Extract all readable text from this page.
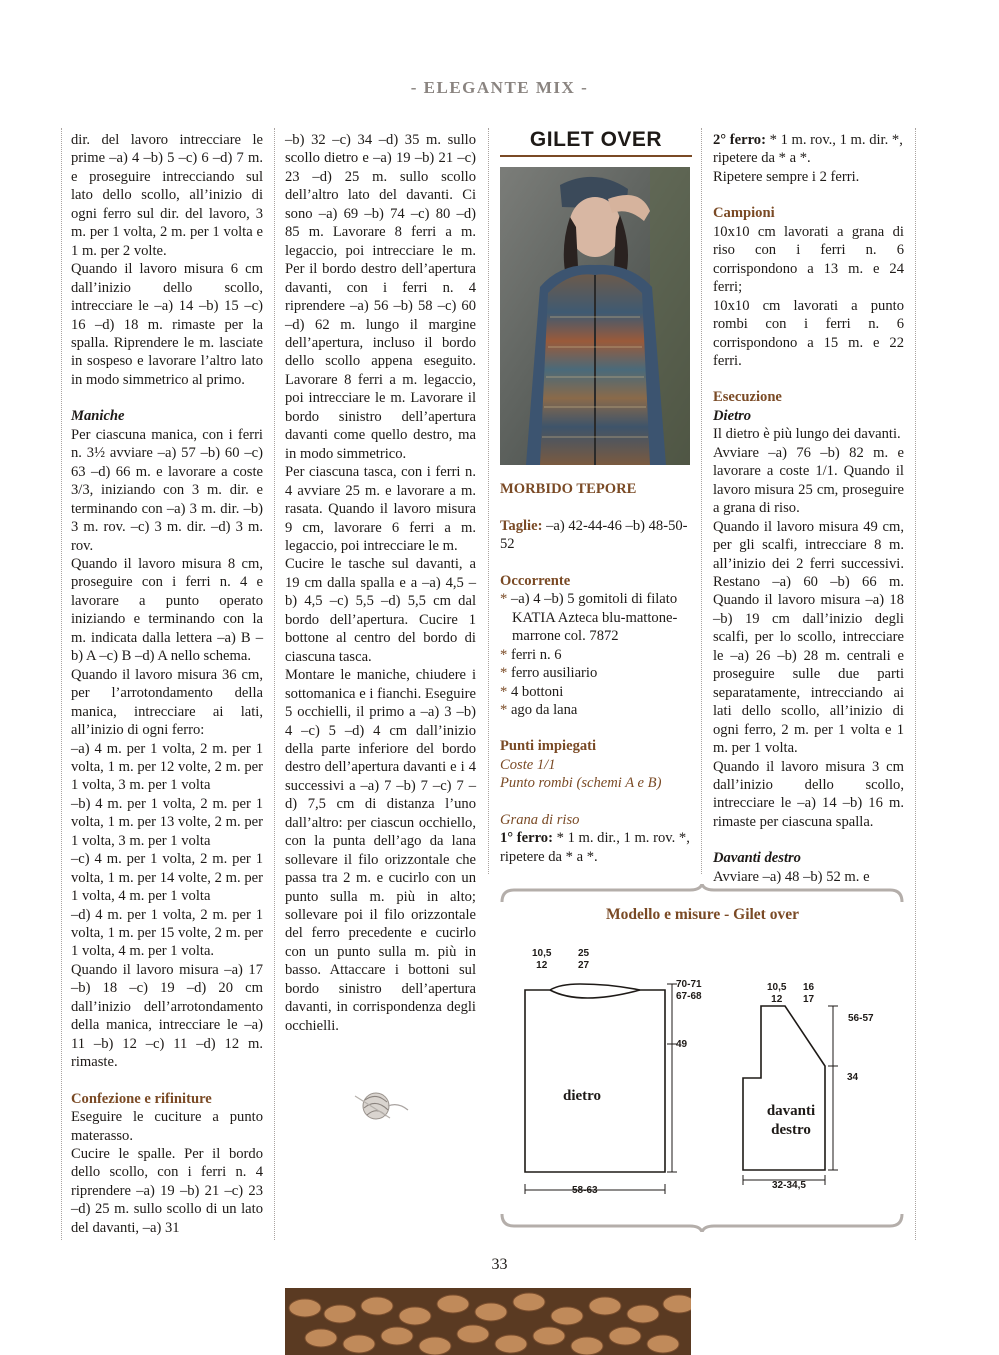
- ELEGANTE MIX -

dir. del lavoro intrecciare le prime –a) 4 –b) 5 –c) 6 –d) 7 m. e proseguire intrecciando sul lato dello scollo, all’inizio di ogni ferro sul dir. del lavoro, 3 m. per 1 volta, 2 m. per 1 volta e 1 m. per 2 volte.

Quando il lavoro misura 6 cm dall’inizio dello scollo, intrecciare le –a) 14 –b) 15 –c) 16 –d) 18 m. rimaste per la spalla. Riprendere le m. lasciate in sospeso e lavorare l’altro lato in modo simmetrico al primo.

Maniche

Per ciascuna manica, con i ferri n. 3½ avviare –a) 57 –b) 60 –c) 63 –d) 66 m. e lavorare a coste 3/3, iniziando con 3 m. dir. e terminando con –a) 3 m. dir. –b) 3 m. rov. –c) 3 m. dir. –d) 3 m. rov.

Quando il lavoro misura 8 cm, proseguire con i ferri n. 4 e lavorare a punto operato iniziando e terminando con la m. indicata dalla lettera –a) B –b) A –c) B –d) A nello schema.

Quando il lavoro misura 36 cm, per l’arrotondamento della manica, intrecciare ai lati, all’inizio di ogni ferro:

–a) 4 m. per 1 volta, 2 m. per 1 volta, 1 m. per 12 volte, 2 m. per 1 volta, 3 m. per 1 volta

–b) 4 m. per 1 volta, 2 m. per 1 volta, 1 m. per 13 volte, 2 m. per 1 volta, 3 m. per 1 volta

–c) 4 m. per 1 volta, 2 m. per 1 volta, 1 m. per 14 volte, 2 m. per 1 volta, 4 m. per 1 volta

–d) 4 m. per 1 volta, 2 m. per 1 volta, 1 m. per 15 volte, 2 m. per 1 volta, 4 m. per 1 volta.

Quando il lavoro misura –a) 17 –b) 18 –c) 19 –d) 20 cm dall’inizio dell’arrotondamento della manica, intrecciare le –a) 11 –b) 12 –c) 11 –d) 12 m. rimaste.

Confezione e rifiniture

Eseguire le cuciture a punto materasso.

Cucire le spalle. Per il bordo dello scollo, con i ferri n. 4 riprendere –a) 19 –b) 21 –c) 23 –d) 25 m. sullo scollo di un lato del davanti, –a) 31

–b) 32 –c) 34 –d) 35 m. sullo scollo dietro e –a) 19 –b) 21 –c) 23 –d) 25 m. sullo scollo dell’altro lato del davanti. Ci sono –a) 69 –b) 74 –c) 80 –d) 85 m. Lavorare 8 ferri a m. legaccio, poi intrecciare le m. Per il bordo destro dell’apertura davanti, con i ferri n. 4 riprendere –a) 56 –b) 58 –c) 60 –d) 62 m. lungo il margine dell’apertura, incluso il bordo dello scollo appena eseguito. Lavorare 8 ferri a m. legaccio, poi intrecciare le m. Lavorare il bordo sinistro dell’apertura davanti come quello destro, ma in modo simmetrico.

Per ciascuna tasca, con i ferri n. 4 avviare 25 m. e lavorare a m. rasata. Quando il lavoro misura 9 cm, lavorare 6 ferri a m. legaccio, poi intrecciare le m.

Cucire le tasche sul davanti, a 19 cm dalla spalla e a –a) 4,5 –b) 4,5 –c) 5,5 –d) 5,5 cm dal bordo dell’apertura. Cucire 1 bottone al centro del bordo di ciascuna tasca.

Montare le maniche, chiudere i sottomanica e i fianchi. Eseguire 5 occhielli, il primo a –a) 3 –b) 4 –c) 5 –d) 4 cm dall’inizio della parte inferiore del bordo destro dell’apertura davanti e i 4 successivi a –a) 7 –b) 7 –c) 7 –d) 7,5 cm di distanza l’uno dall’altro: per ciascun occhiello, con la punta dell’ago da lana sollevare il filo orizzontale che passa tra 2 m. e cucirlo con un punto sulla m. più in alto; sollevare poi il filo orizzontale del ferro precedente e cucirlo con un punto sulla m. più in basso. Attaccare i bottoni sul bordo sinistro dell’apertura davanti, in corrispondenza degli occhielli.

GILET OVER

MORBIDO TEPORE

Taglie: –a) 42-44-46 –b) 48-50-52

Occorrente

* –a) 4 –b) 5 gomitoli di filato KATIA Azteca blu-mattone-marrone col. 7872

* ferri n. 6

* ferro ausiliario

* 4 bottoni

* ago da lana

Punti impiegati

Coste 1/1

Punto rombi (schemi A e B)

Grana di riso

1° ferro: * 1 m. dir., 1 m. rov. *, ripetere da * a *.

2° ferro: * 1 m. rov., 1 m. dir. *, ripetere da * a *.

Ripetere sempre i 2 ferri.

Campioni

10x10 cm lavorati a grana di riso con i ferri n. 6 corrispondono a 13 m. e 24 ferri;

10x10 cm lavorati a punto rombi con i ferri n. 6 corrispondono a 15 m. e 22 ferri.

Esecuzione

Dietro

Il dietro è più lungo dei davanti.

Avviare –a) 76 –b) 82 m. e lavorare a coste 1/1. Quando il lavoro misura 25 cm, proseguire a grana di riso.

Quando il lavoro misura 49 cm, per gli scalfi, intrecciare 8 m. all’inizio dei 2 ferri successivi. Restano –a) 60 –b) 66 m. Quando il lavoro misura –a) 18 –b) 19 cm dall’inizio degli scalfi, per lo scollo, intrecciare le –a) 26 –b) 28 m. centrali e proseguire sulle due parti separatamente, intrecciando ai lati dello scollo, all’inizio di ogni ferro, 2 m. per 1 volta e 1 m. per 1 volta.

Quando il lavoro misura 3 cm dall’inizio dello scollo, intrecciare le –a) 14 –b) 16 m. rimaste per ciascuna spalla.

Davanti destro

Avviare –a) 48 –b) 52 m. e

Modello e misure - Gilet over
10,5
12
25
27
70-71
67-68
49
dietro
58-63
10,5
12
16
17
56-57
34
davanti
destro
32-34,5
33
